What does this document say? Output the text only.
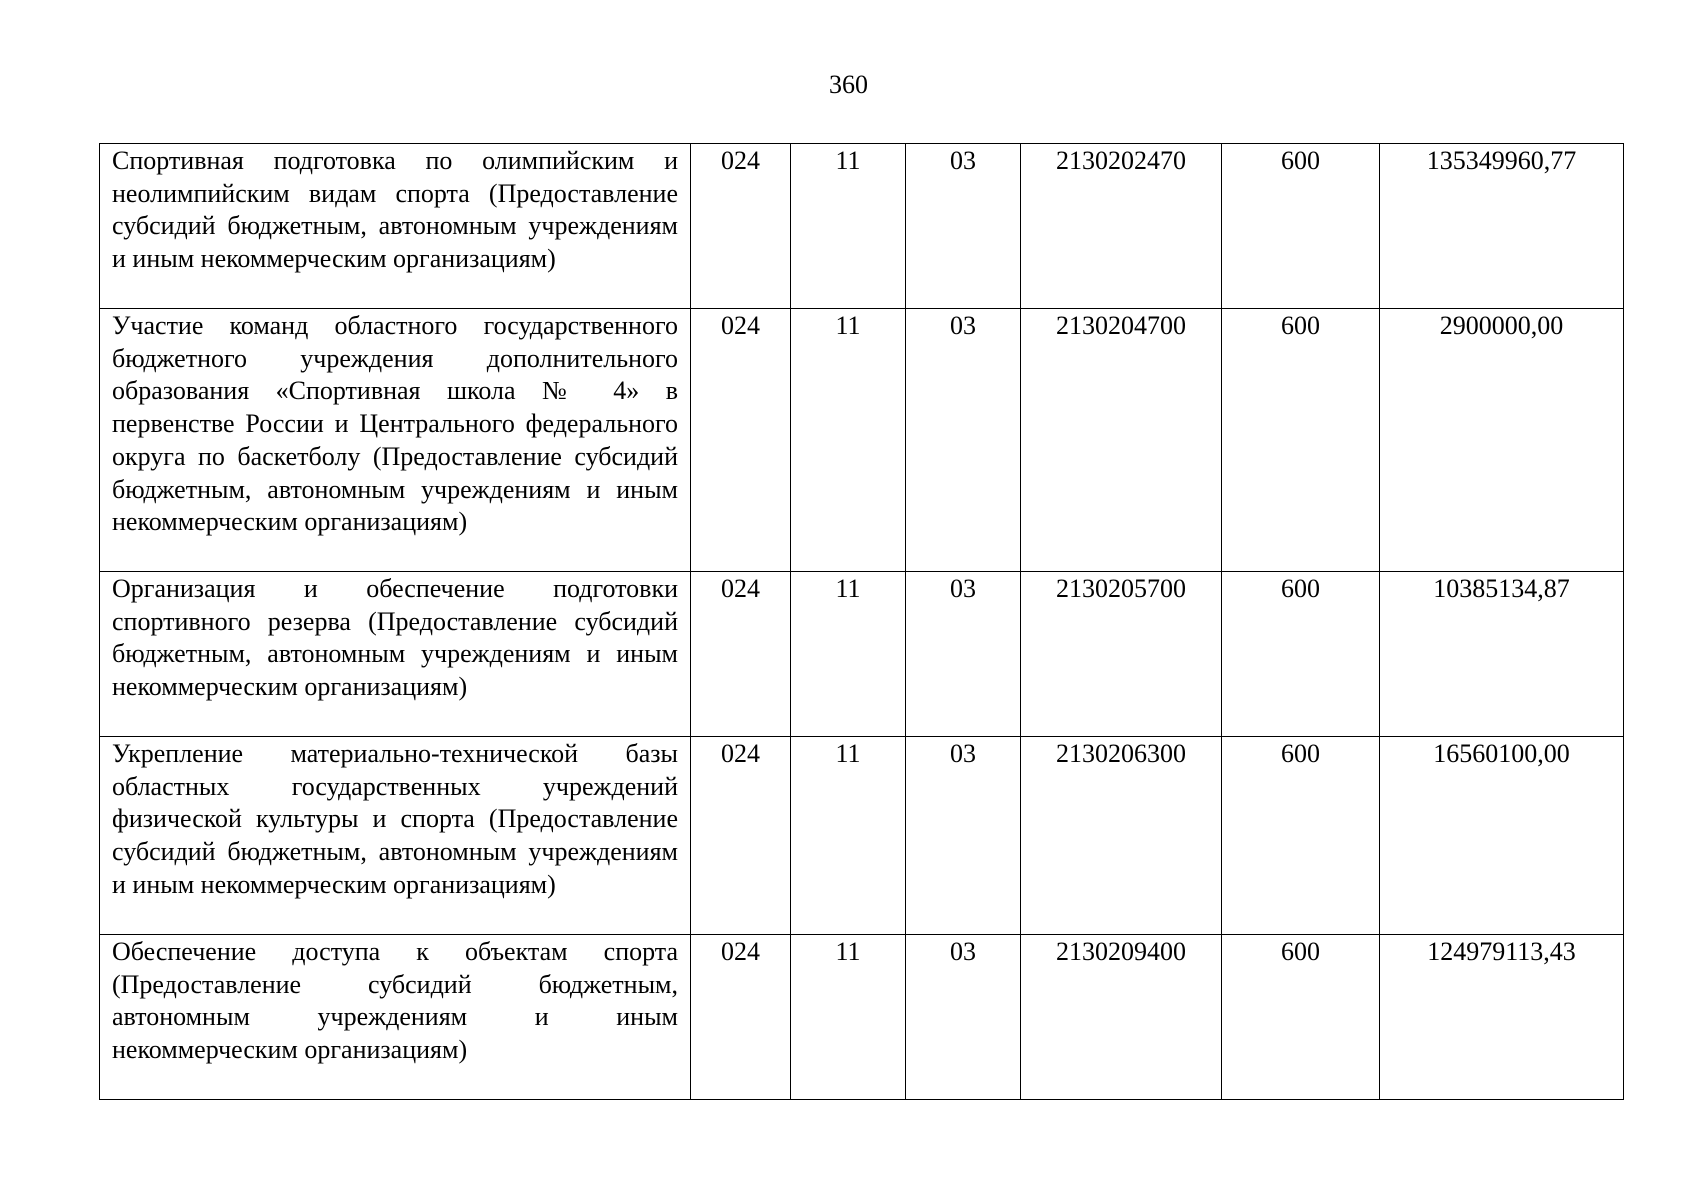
360
Спортивная подготовка по олимпийским и неолимпийским видам спорта (Предоставление субсидий бюджетным, автономным учреждениям и иным некоммерческим организациям)	024	11	03	2130202470	600	135349960,77
Участие команд областного государственного бюджетного учреждения дополнительного образования «Спортивная школа № 4» в первенстве России и Центрального федерального округа по баскетболу (Предоставление субсидий бюджетным, автономным учреждениям и иным некоммерческим организациям)	024	11	03	2130204700	600	2900000,00
Организация и обеспечение подготовки спортивного резерва (Предоставление субсидий бюджетным, автономным учреждениям и иным некоммерческим организациям)	024	11	03	2130205700	600	10385134,87
Укрепление материально-технической базы областных государственных учреждений физической культуры и спорта (Предоставление субсидий бюджетным, автономным учреждениям и иным некоммерческим организациям)	024	11	03	2130206300	600	16560100,00
Обеспечение доступа к объектам спорта (Предоставление субсидий бюджетным, автономным учреждениям и иным некоммерческим организациям)	024	11	03	2130209400	600	124979113,43
